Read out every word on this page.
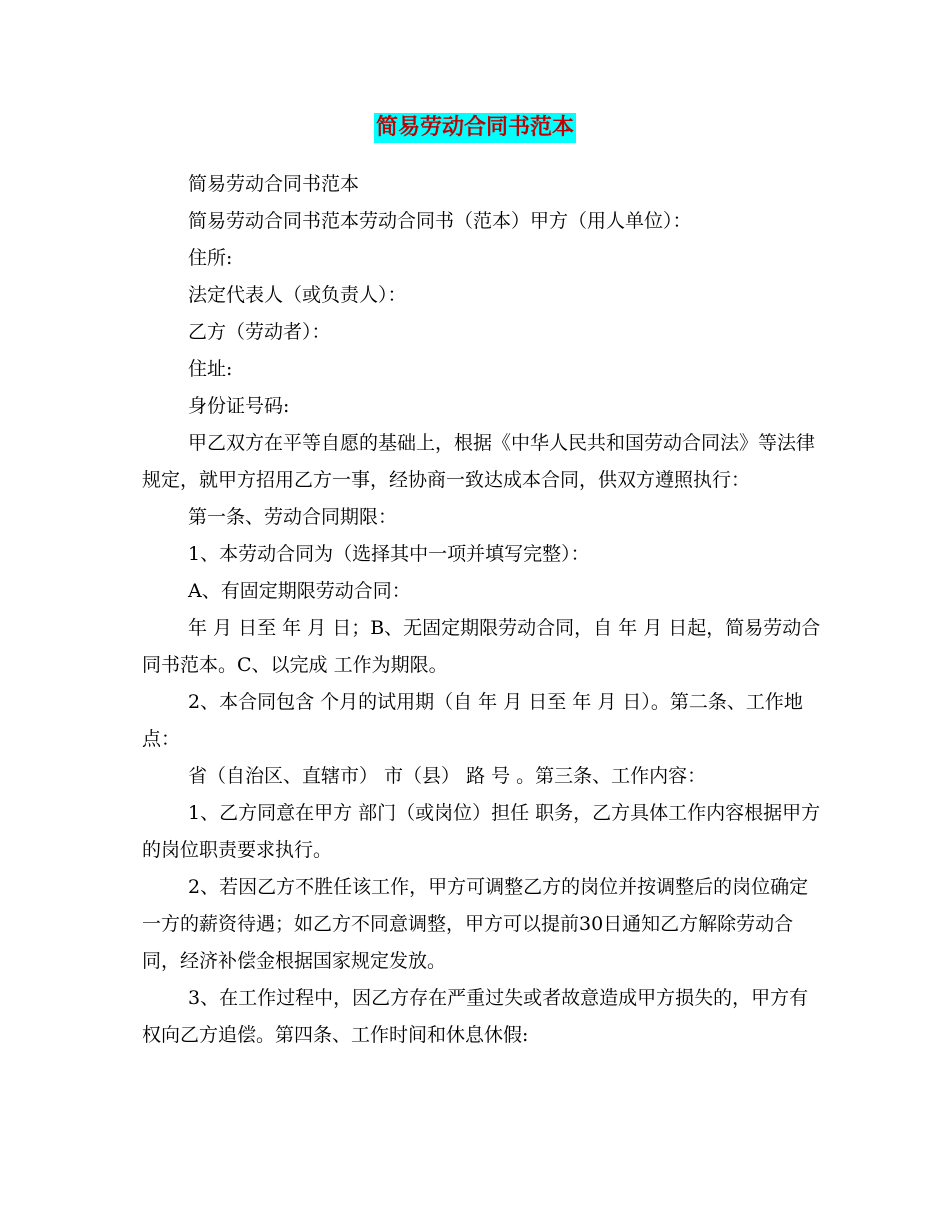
简易劳动合同书范本

简易劳动合同书范本

简易劳动合同书范本劳动合同书（范本）甲方（用人单位）：

住所:

法定代表人（或负责人）：

乙方（劳动者）：

住址:

身份证号码:

甲乙双方在平等自愿的基础上，根据《中华人民共和国劳动合同法》等法律规定，就甲方招用乙方一事，经协商一致达成本合同，供双方遵照执行：

第一条、劳动合同期限：

1、本劳动合同为（选择其中一项并填写完整）：

A、有固定期限劳动合同：

年 月 日至 年 月 日；B、无固定期限劳动合同，自 年 月 日起，简易劳动合同书范本。C、以完成 工作为期限。

2、本合同包含 个月的试用期（自 年 月 日至 年 月 日）。第二条、工作地点：

省（自治区、直辖市） 市（县） 路 号 。第三条、工作内容：

1、乙方同意在甲方 部门（或岗位）担任 职务，乙方具体工作内容根据甲方的岗位职责要求执行。

2、若因乙方不胜任该工作，甲方可调整乙方的岗位并按调整后的岗位确定一方的薪资待遇；如乙方不同意调整，甲方可以提前30日通知乙方解除劳动合同，经济补偿金根据国家规定发放。

3、在工作过程中，因乙方存在严重过失或者故意造成甲方损失的，甲方有权向乙方追偿。第四条、工作时间和休息休假:
